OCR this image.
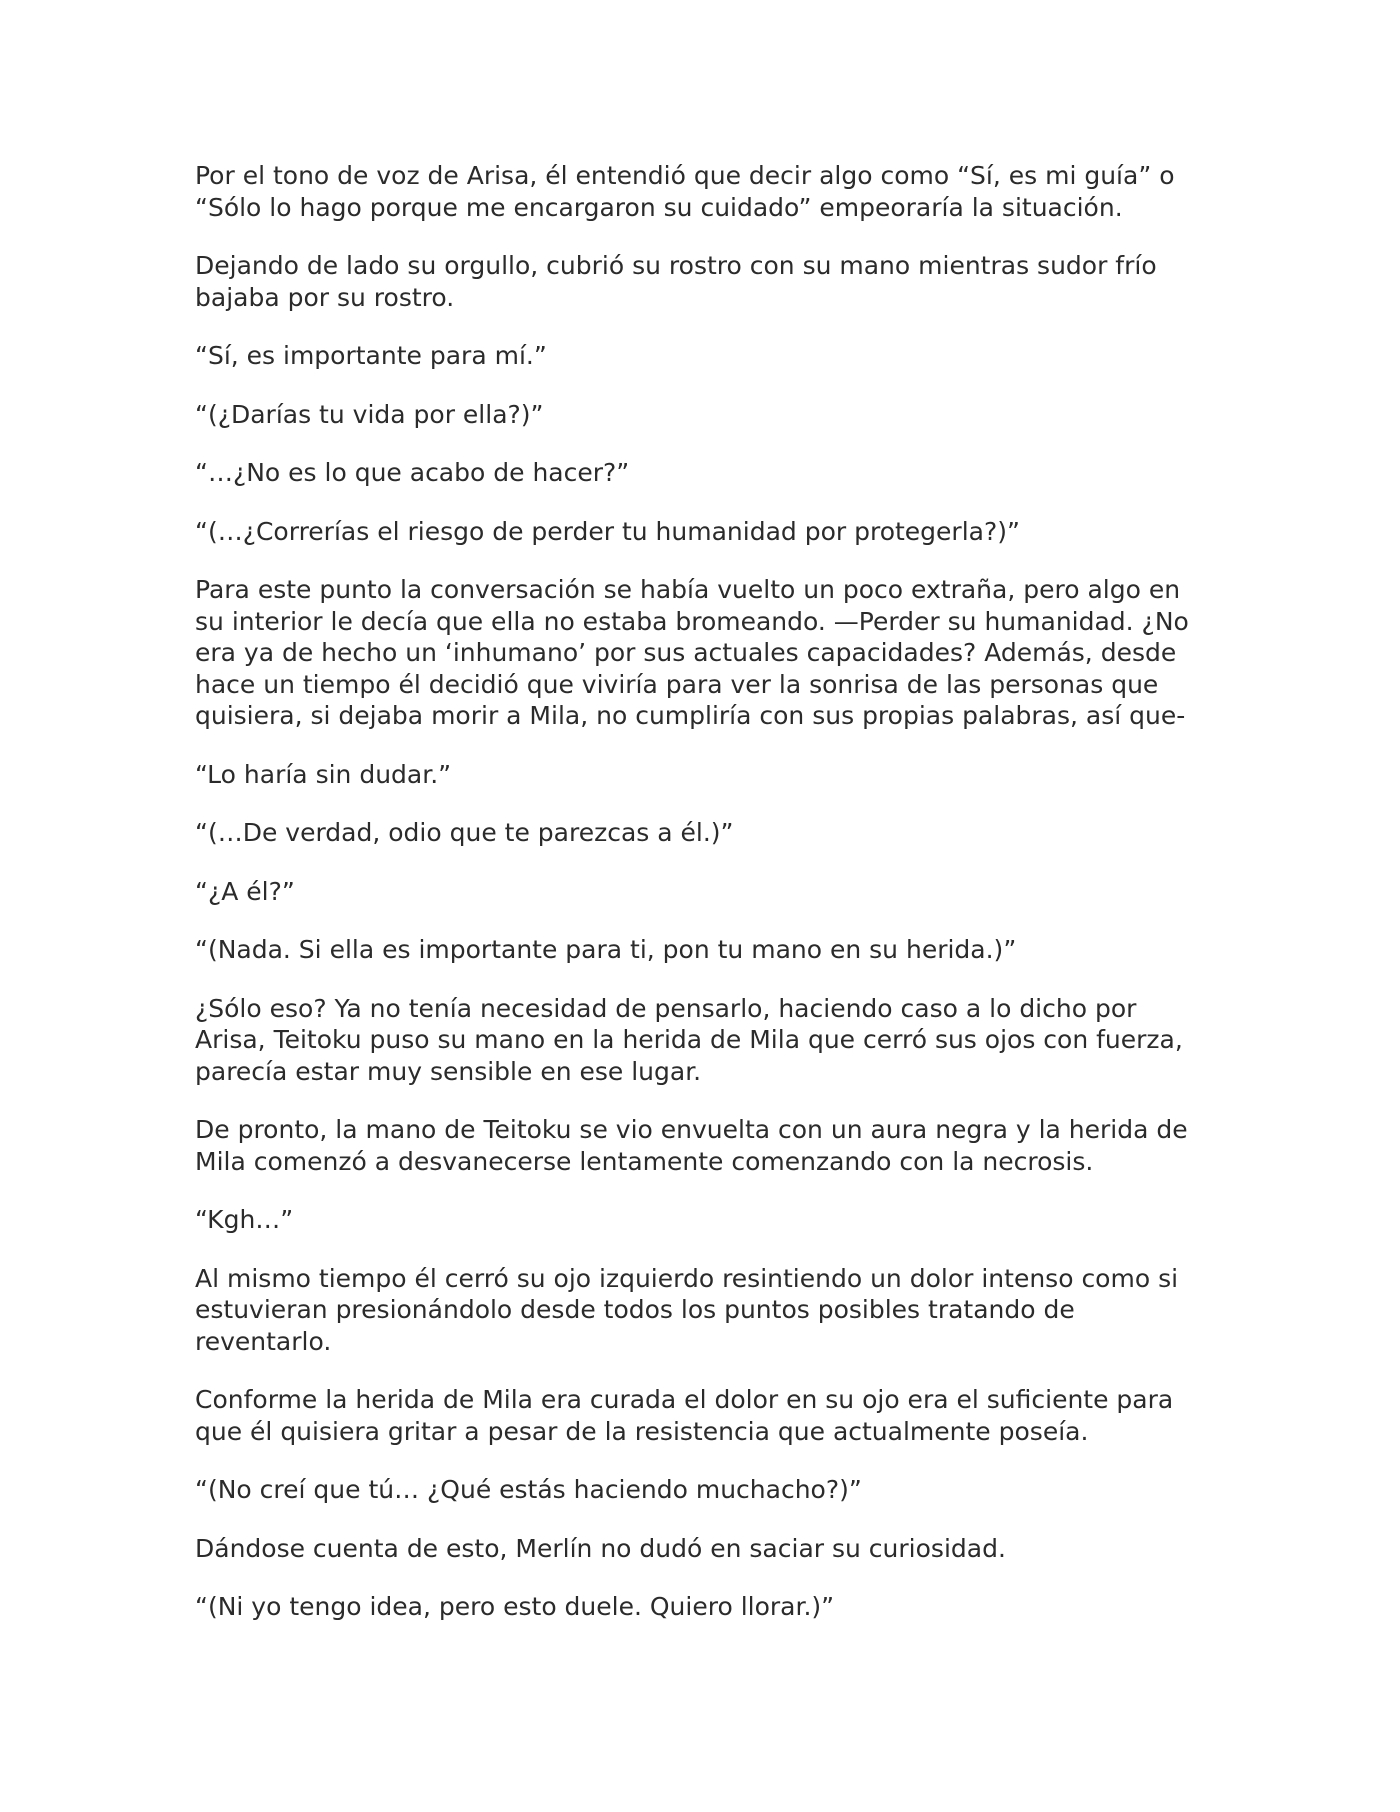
Por el tono de voz de Arisa, él entendió que decir algo como “Sí, es mi guía” o “Sólo lo hago porque me encargaron su cuidado” empeoraría la situación.

Dejando de lado su orgullo, cubrió su rostro con su mano mientras sudor frío bajaba por su rostro.

“Sí, es importante para mí.”

“(¿Darías tu vida por ella?)”

“…¿No es lo que acabo de hacer?”

“(…¿Correrías el riesgo de perder tu humanidad por protegerla?)”

Para este punto la conversación se había vuelto un poco extraña, pero algo en su interior le decía que ella no estaba bromeando. —Perder su humanidad. ¿No era ya de hecho un ‘inhumano’ por sus actuales capacidades? Además, desde hace un tiempo él decidió que viviría para ver la sonrisa de las personas que quisiera, si dejaba morir a Mila, no cumpliría con sus propias palabras, así que-

“Lo haría sin dudar.”

“(…De verdad, odio que te parezcas a él.)”

“¿A él?”

“(Nada. Si ella es importante para ti, pon tu mano en su herida.)”

¿Sólo eso? Ya no tenía necesidad de pensarlo, haciendo caso a lo dicho por Arisa, Teitoku puso su mano en la herida de Mila que cerró sus ojos con fuerza, parecía estar muy sensible en ese lugar.

De pronto, la mano de Teitoku se vio envuelta con un aura negra y la herida de Mila comenzó a desvanecerse lentamente comenzando con la necrosis.

“Kgh…”

Al mismo tiempo él cerró su ojo izquierdo resintiendo un dolor intenso como si estuvieran presionándolo desde todos los puntos posibles tratando de reventarlo.

Conforme la herida de Mila era curada el dolor en su ojo era el suficiente para que él quisiera gritar a pesar de la resistencia que actualmente poseía.

“(No creí que tú… ¿Qué estás haciendo muchacho?)”

Dándose cuenta de esto, Merlín no dudó en saciar su curiosidad.

“(Ni yo tengo idea, pero esto duele. Quiero llorar.)”
